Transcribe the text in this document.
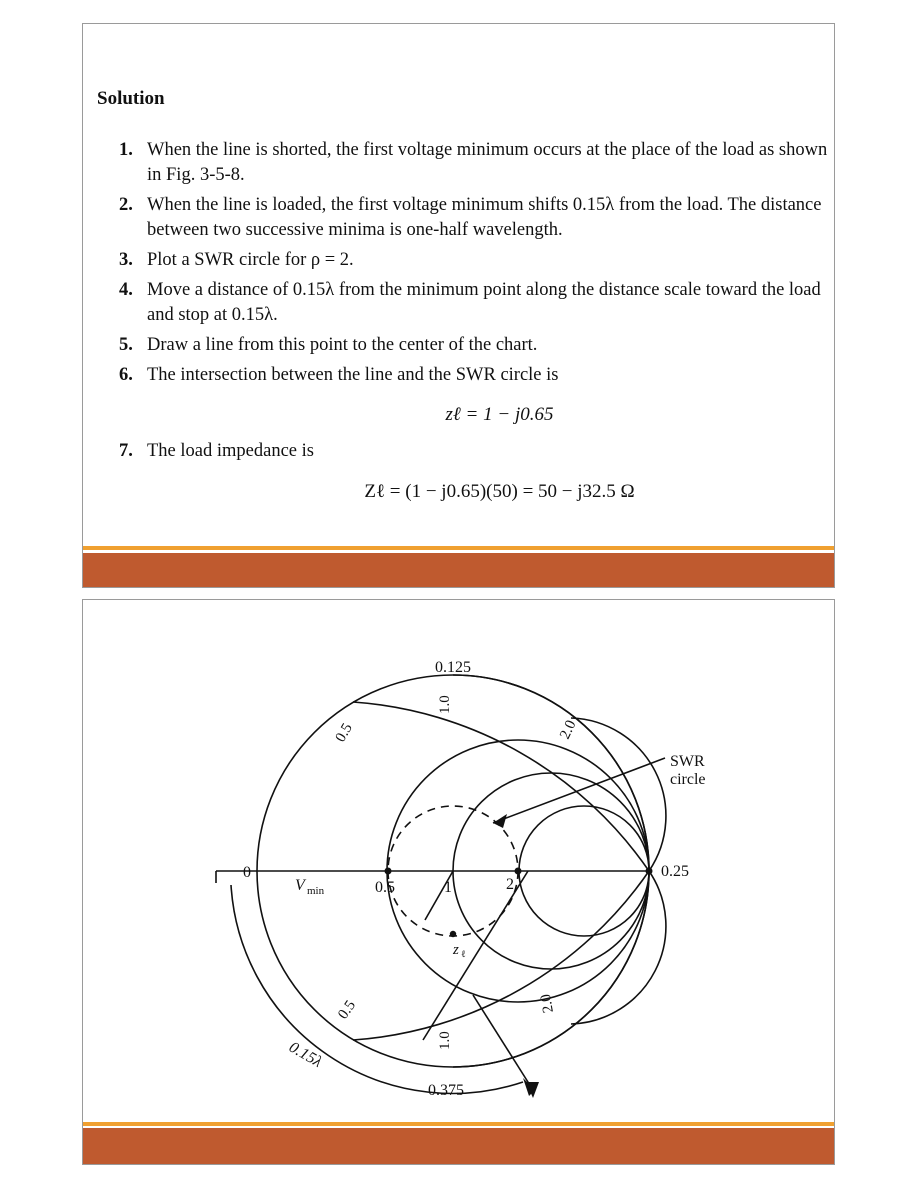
Solution
1. When the line is shorted, the first voltage minimum occurs at the place of the load as shown in Fig. 3-5-8.
2. When the line is loaded, the first voltage minimum shifts 0.15λ from the load. The distance between two successive minima is one-half wavelength.
3. Plot a SWR circle for ρ = 2.
4. Move a distance of 0.15λ from the minimum point along the distance scale toward the load and stop at 0.15λ.
5. Draw a line from this point to the center of the chart.
6. The intersection between the line and the SWR circle is
zℓ = 1 − j0.65
7. The load impedance is
Zℓ = (1 − j0.65)(50) = 50 − j32.5 Ω
0.125
0.375
0.25
0
V min	0.5	1	2
0.5
1.0
2.0
0.5
1.0
2.0
z ℓ
SWR
circle
0.15λ
